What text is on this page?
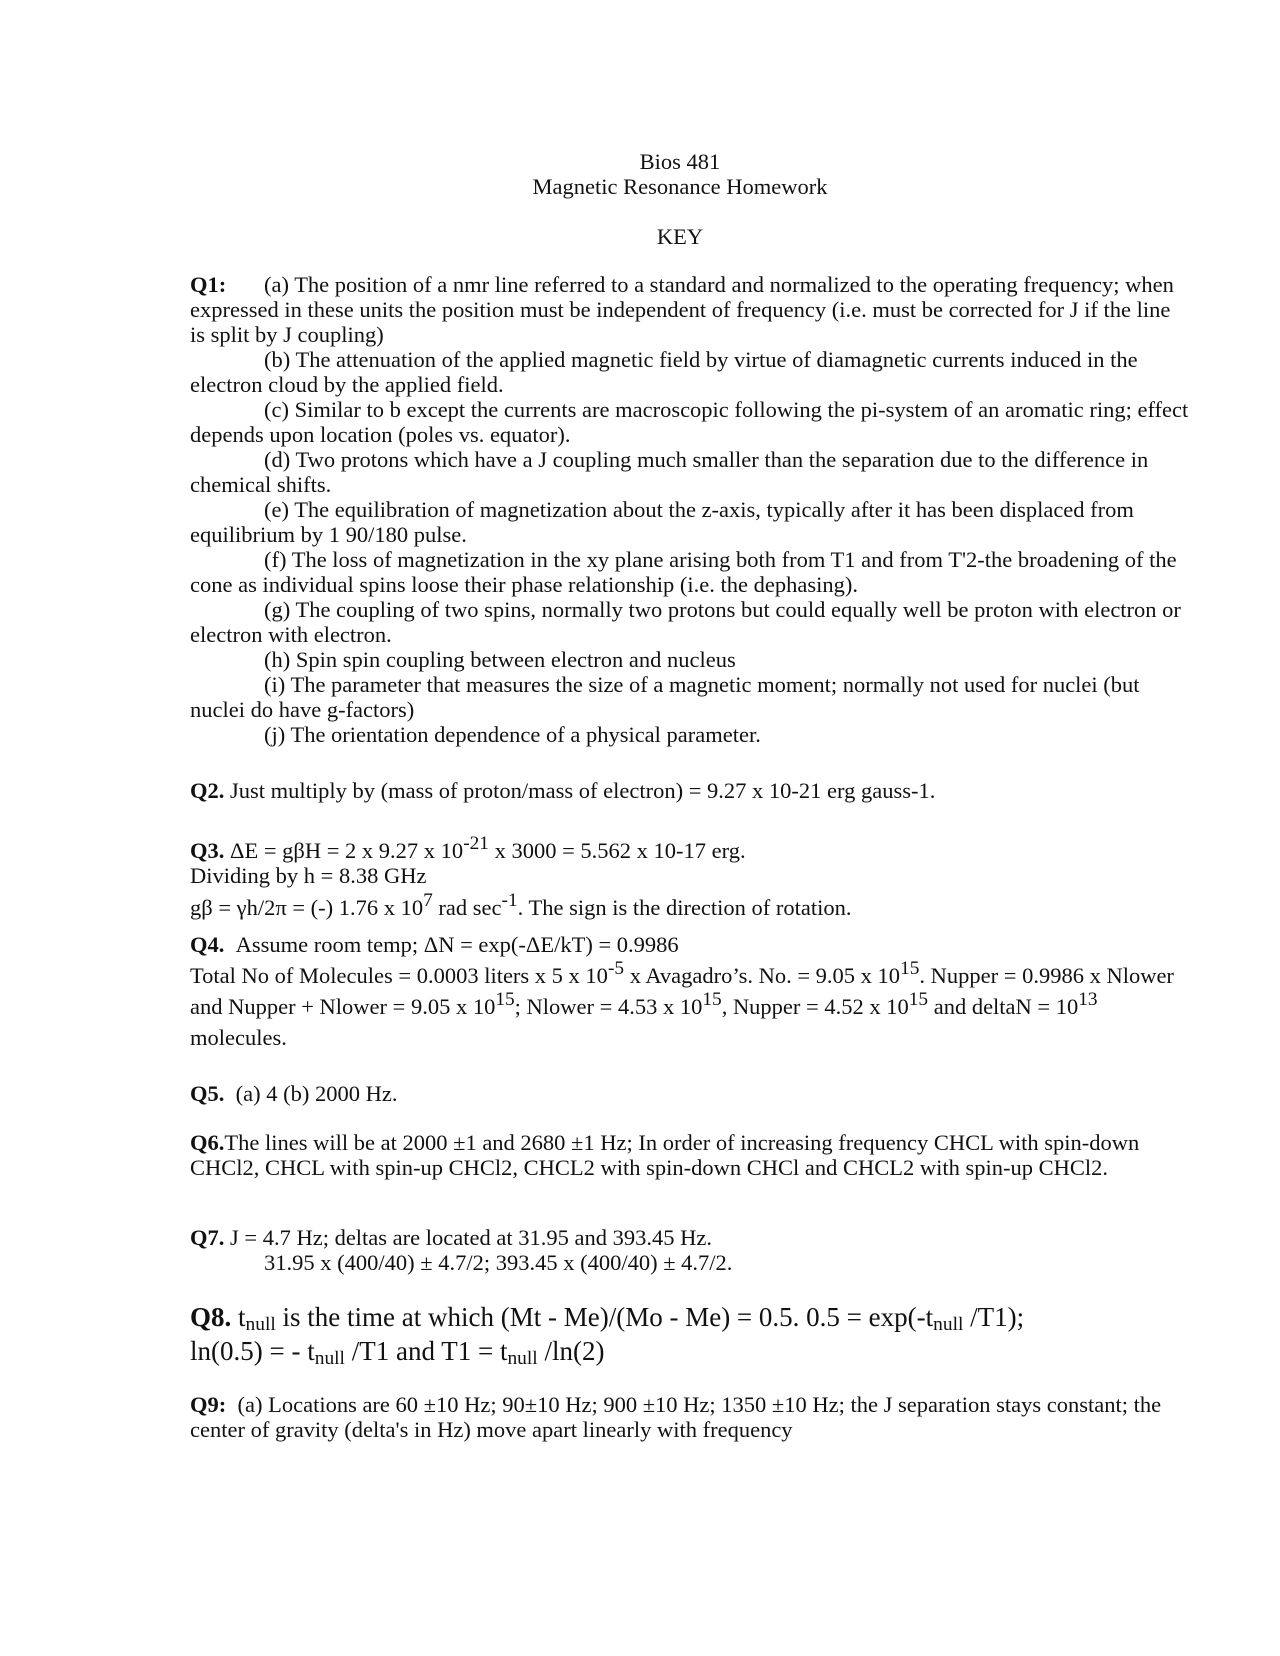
Bios 481
Magnetic Resonance Homework
KEY

Q1: (a) The position of a nmr line referred to a standard and normalized to the operating frequency; when expressed in these units the position must be independent of frequency (i.e. must be corrected for J if the line is split by J coupling)

(b) The attenuation of the applied magnetic field by virtue of diamagnetic currents induced in the electron cloud by the applied field.

(c) Similar to b except the currents are macroscopic following the pi-system of an aromatic ring; effect depends upon location (poles vs. equator).

(d) Two protons which have a J coupling much smaller than the separation due to the difference in chemical shifts.

(e) The equilibration of magnetization about the z-axis, typically after it has been displaced from equilibrium by 1 90/180 pulse.

(f) The loss of magnetization in the xy plane arising both from T1 and from T'2-the broadening of the cone as individual spins loose their phase relationship (i.e. the dephasing).

(g) The coupling of two spins, normally two protons but could equally well be proton with electron or electron with electron.

(h) Spin spin coupling between electron and nucleus

(i) The parameter that measures the size of a magnetic moment; normally not used for nuclei (but nuclei do have g-factors)

(j) The orientation dependence of a physical parameter.

Q2. Just multiply by (mass of proton/mass of electron) = 9.27 x 10-21 erg gauss-1.

Q3. ΔE = gβH = 2 x 9.27 x $10^{-21}$ x 3000 = 5.562 x 10-17 erg.

Dividing by h = 8.38 GHz

gβ = γh/2π = (-) 1.76 x $10^7$ rad $\sec^{-1}$. The sign is the direction of rotation.

Q4. Assume room temp; ΔN = exp(-ΔE/kT) = 0.9986

Total No of Molecules = 0.0003 liters x 5 x $10^{-5}$ x Avagadro’s. No. = 9.05 x $10^{15}$. Nupper = 0.9986 x Nlower and Nupper + Nlower = 9.05 x $10^{15}$; Nlower = 4.53 x $10^{15}$, Nupper = 4.52 x $10^{15}$ and deltaN = $10^{13}$ molecules.

Q5. (a) 4 (b) 2000 Hz.

Q6.The lines will be at 2000 ±1 and 2680 ±1 Hz; In order of increasing frequency CHCL with spin-down CHCl2, CHCL with spin-up CHCl2, CHCL2 with spin-down CHCl and CHCL2 with spin-up CHCl2.

Q7. J = 4.7 Hz; deltas are located at 31.95 and 393.45 Hz.

31.95 x (400/40) ± 4.7/2; 393.45 x (400/40) ± 4.7/2.

Q8. $t_{null}$ is the time at which (Mt - Me)/(Mo - Me) = 0.5. $0.5 = \exp(-t_{null}$ /T1);

ln(0.5) = - $t_{null}$ /T1 and $T1 = t_{null}$ /ln(2)

Q9: (a) Locations are 60 ±10 Hz; 90±10 Hz; 900 ±10 Hz; 1350 ±10 Hz; the J separation stays constant; the center of gravity (delta's in Hz) move apart linearly with frequency
